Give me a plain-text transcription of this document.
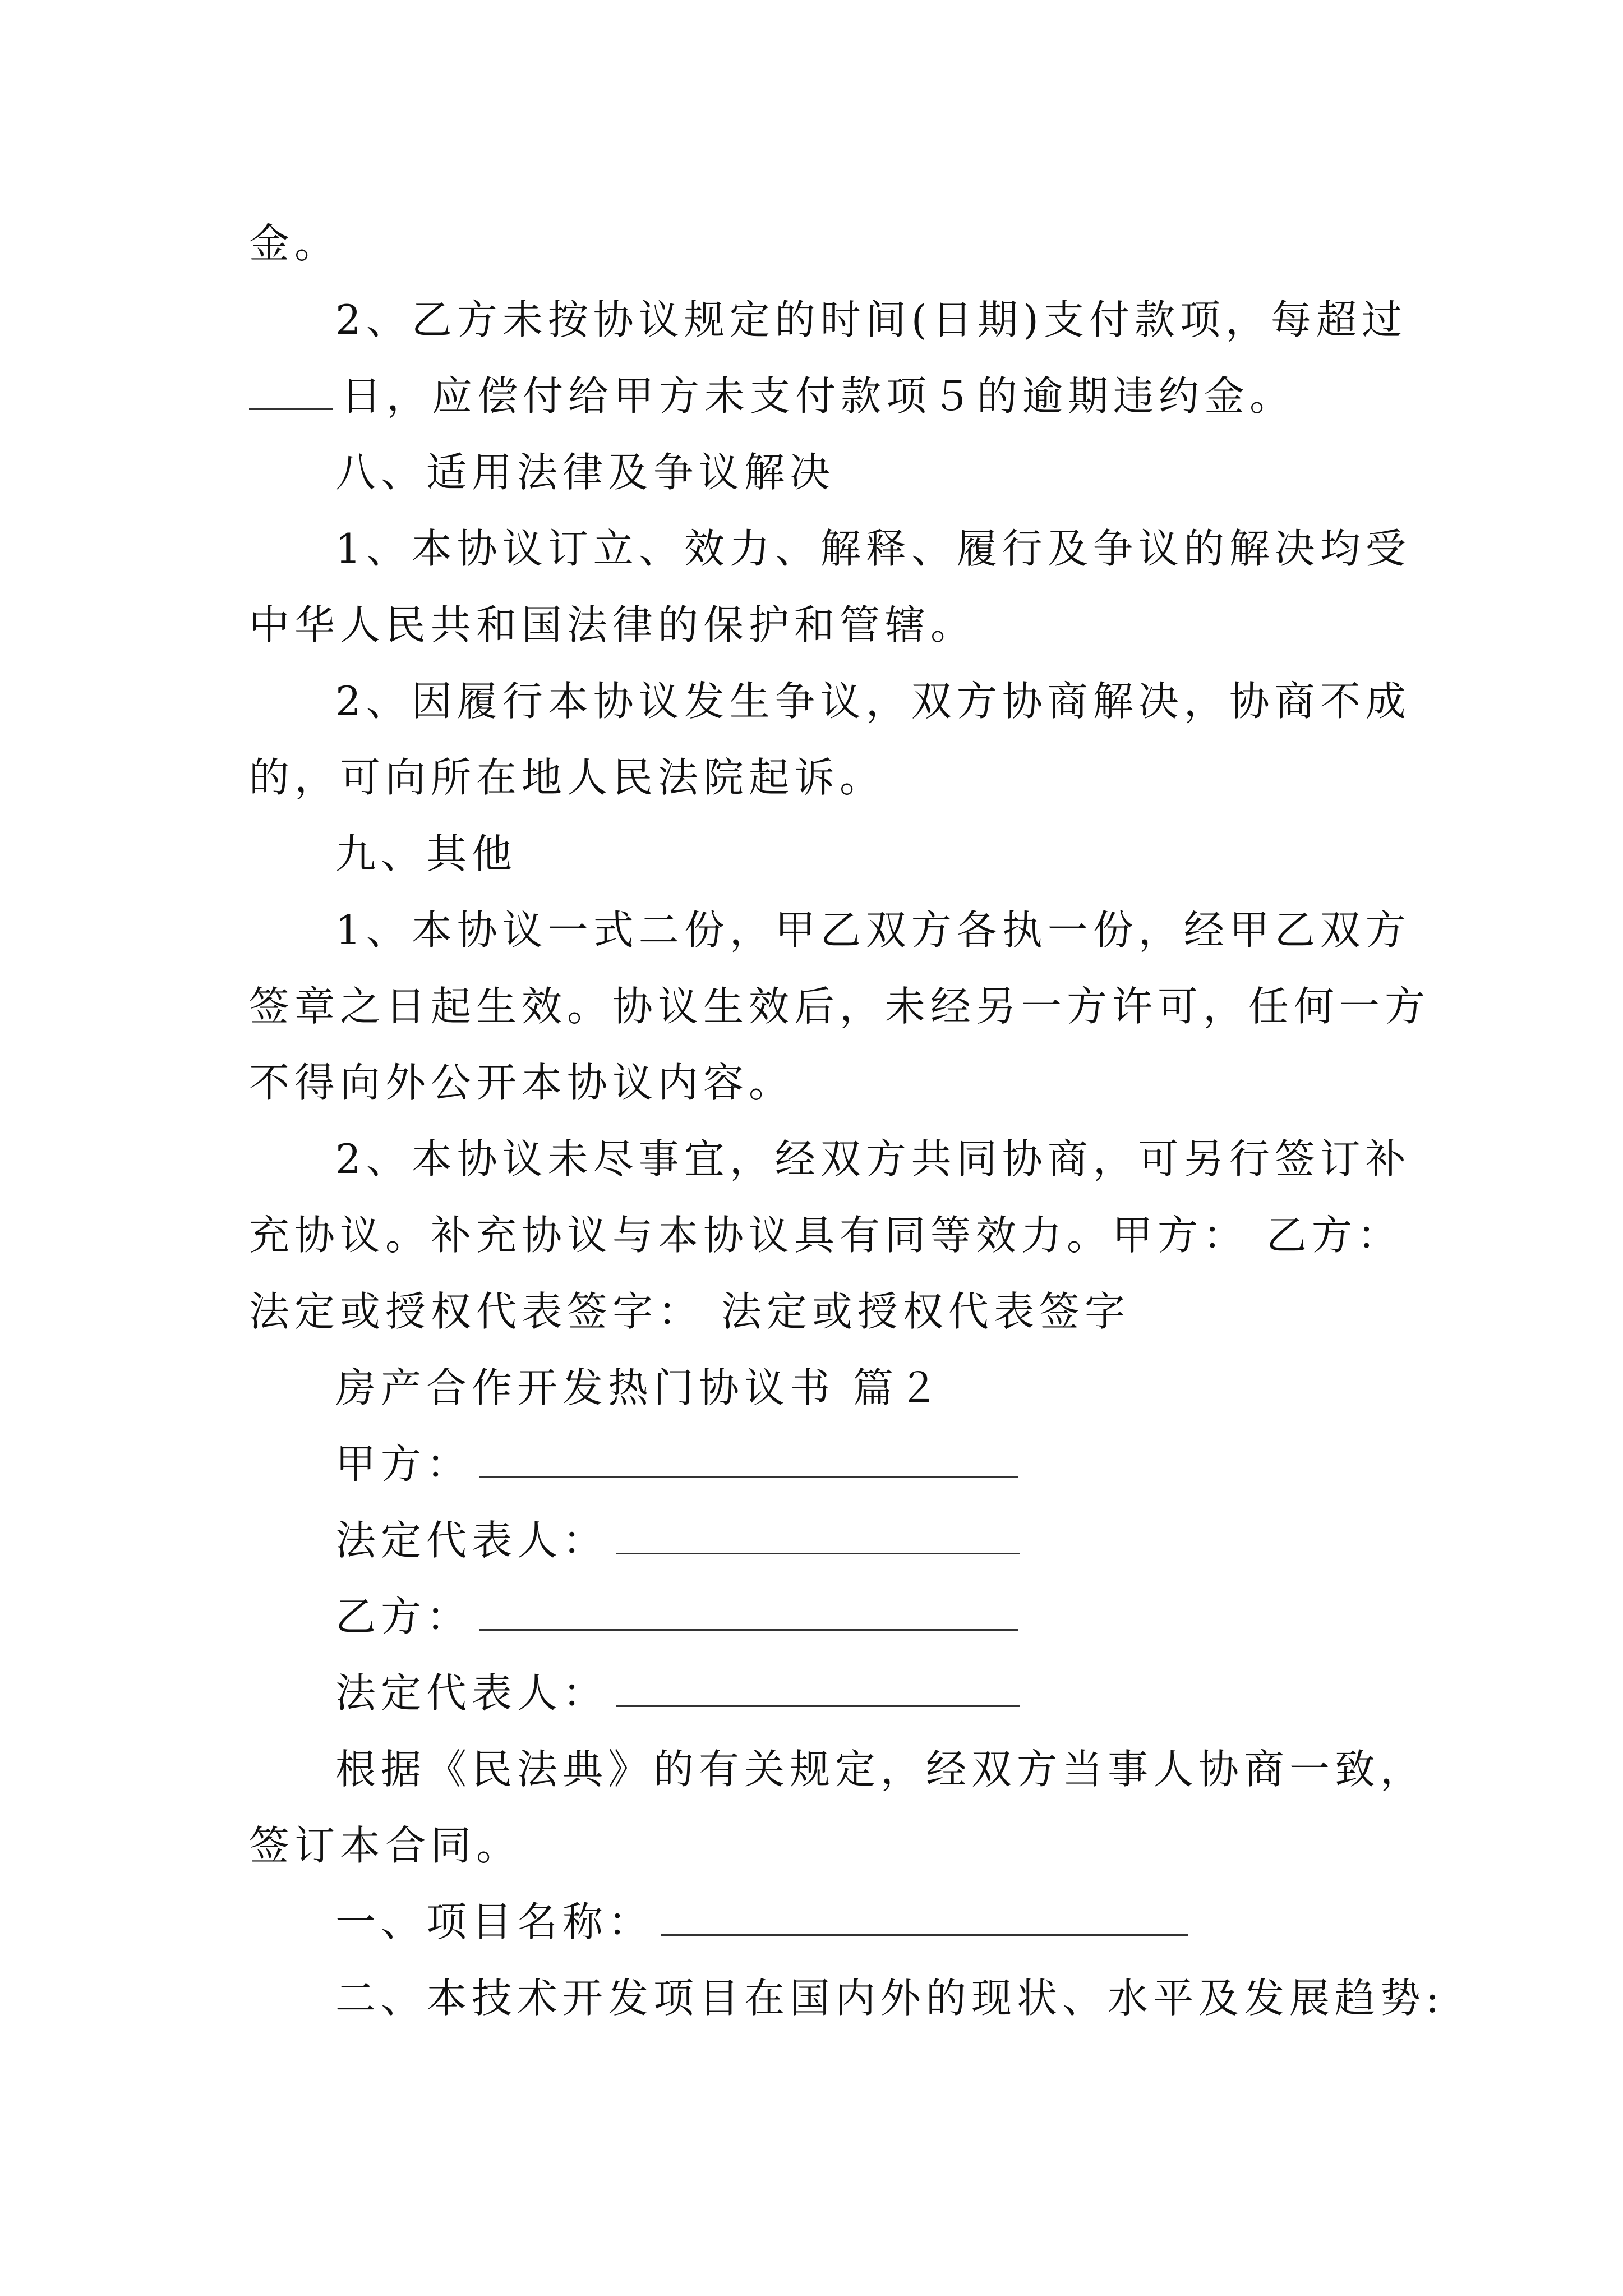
金。
2、乙方未按协议规定的时间(日期)支付款项，每超过
日，应偿付给甲方未支付款项５的逾期违约金。
八、适用法律及争议解决
1、本协议订立、效力、解释、履行及争议的解决均受
中华人民共和国法律的保护和管辖。
2、因履行本协议发生争议，双方协商解决，协商不成
的，可向所在地人民法院起诉。
九、其他
1、本协议一式二份，甲乙双方各执一份，经甲乙双方
签章之日起生效。协议生效后，未经另一方许可，任何一方
不得向外公开本协议内容。
2、本协议未尽事宜，经双方共同协商，可另行签订补
充协议。补充协议与本协议具有同等效力。甲方： 乙方：
法定或授权代表签字： 法定或授权代表签字
房产合作开发热门协议书 篇２
甲方：
法定代表人：
乙方：
法定代表人：
根据《民法典》的有关规定，经双方当事人协商一致，
签订本合同。
一、项目名称：
二、本技术开发项目在国内外的现状、水平及发展趋势:
